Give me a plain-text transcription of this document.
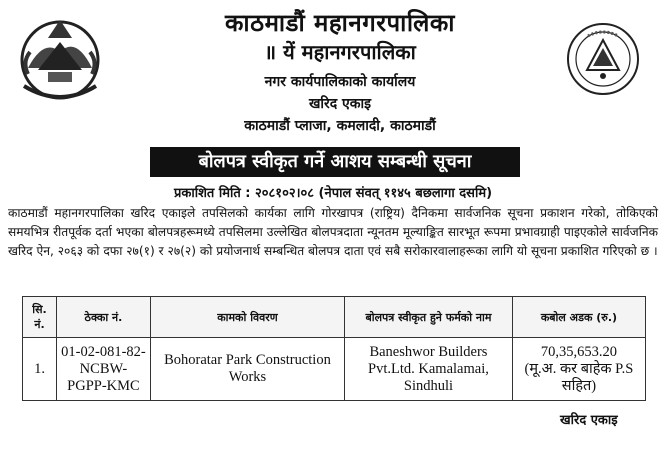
काठमाडौं महानगरपालिका
॥ यें महानगरपालिका
नगर कार्यपालिकाको कार्यालय
खरिद एकाइ
काठमाडौं प्लाजा, कमलादी, काठमाडौं
बोलपत्र स्वीकृत गर्ने आशय सम्बन्धी सूचना
प्रकाशित मिति : २०८१०२।०८ (नेपाल संवत् ११४५ बछलागा दसमि)
काठमाडौं महानगरपालिका खरिद एकाइले तपसिलको कार्यका लागि गोरखापत्र (राष्ट्रिय) दैनिकमा सार्वजनिक सूचना प्रकाशन गरेको, तोकिएको समयभित्र रीतपूर्वक दर्ता भएका बोलपत्रहरूमध्ये तपसिलमा उल्लेखित बोलपत्रदाता न्यूनतम मूल्याङ्कित सारभूत रूपमा प्रभावग्राही पाइएकोले सार्वजनिक खरिद ऐन, २०६३ को दफा २७(१) र २७(२) को प्रयोजनार्थ सम्बन्धित बोलपत्र दाता एवं सबै सरोकारवालाहरूका लागि यो सूचना प्रकाशित गरिएको छ ।
सि. नं.	ठेक्का नं.	कामको विवरण	बोलपत्र स्वीकृत हुने फर्मको नाम	कबोल अडक (रु.)
1.	01-02-081-82-NCBW-PGPP-KMC	Bohoratar Park Construction Works	Baneshwor Builders Pvt.Ltd. Kamalamai, Sindhuli	70,35,653.20
(मू.अ. कर बाहेक P.S सहित)
खरिद एकाइ
